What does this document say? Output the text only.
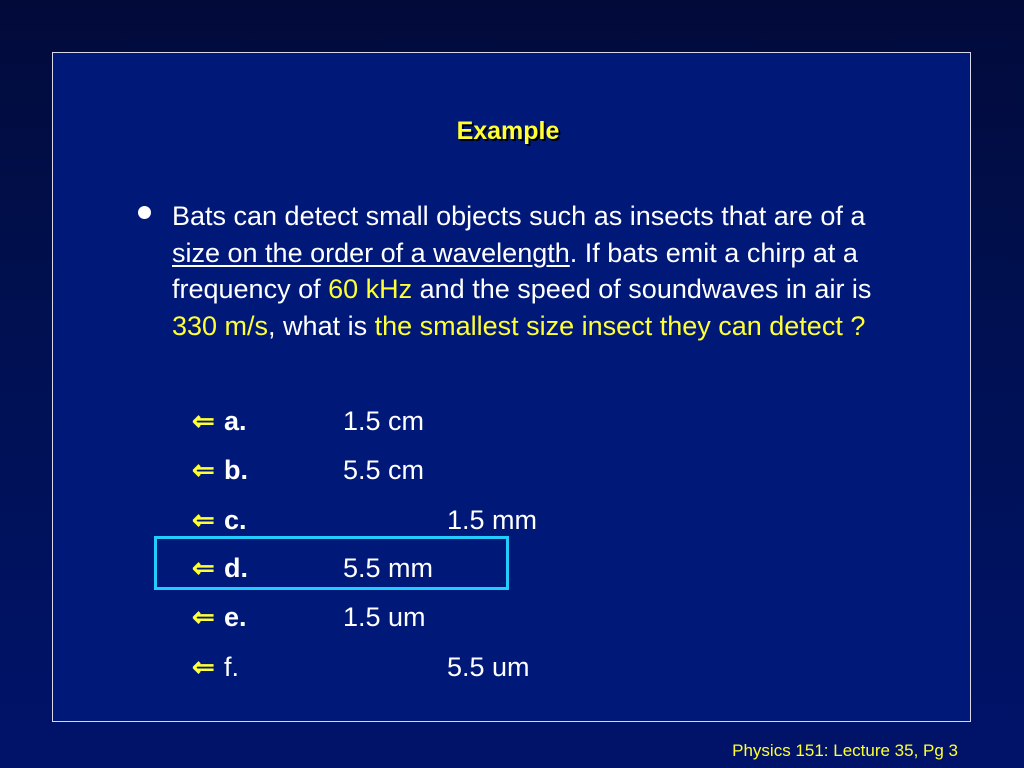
Example
Bats can detect small objects such as insects that are of a size on the order of a wavelength. If bats emit a chirp at a frequency of 60 kHz and the speed of soundwaves in air is 330 m/s, what is the smallest size insect they can detect ?
⇐ a.	1.5 cm
⇐ b.	5.5 cm
⇐ c.	1.5 mm
⇐ d.	5.5 mm
⇐ e.	1.5 um
⇐ f.	5.5 um
Physics 151: Lecture 35, Pg 3
